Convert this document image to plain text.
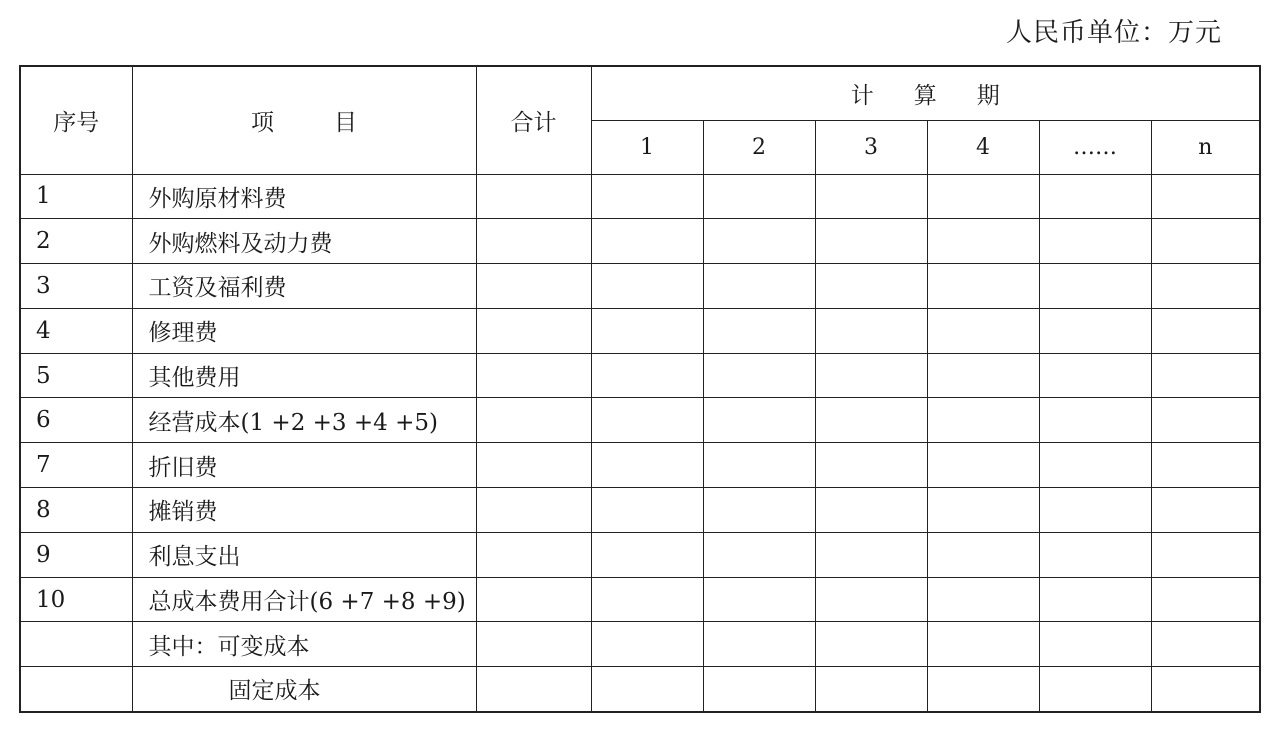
人民币单位：万元
序号	项目	合计	计算期					
			1	2	3	4	……	n
1	外购原材料费							
2	外购燃料及动力费							
3	工资及福利费							
4	修理费							
5	其他费用							
6	经营成本(1 +2 +3 +4 +5)							
7	折旧费							
8	摊销费							
9	利息支出							
10	总成本费用合计(6 +7 +8 +9)							
	其中：可变成本							
	固定成本							
